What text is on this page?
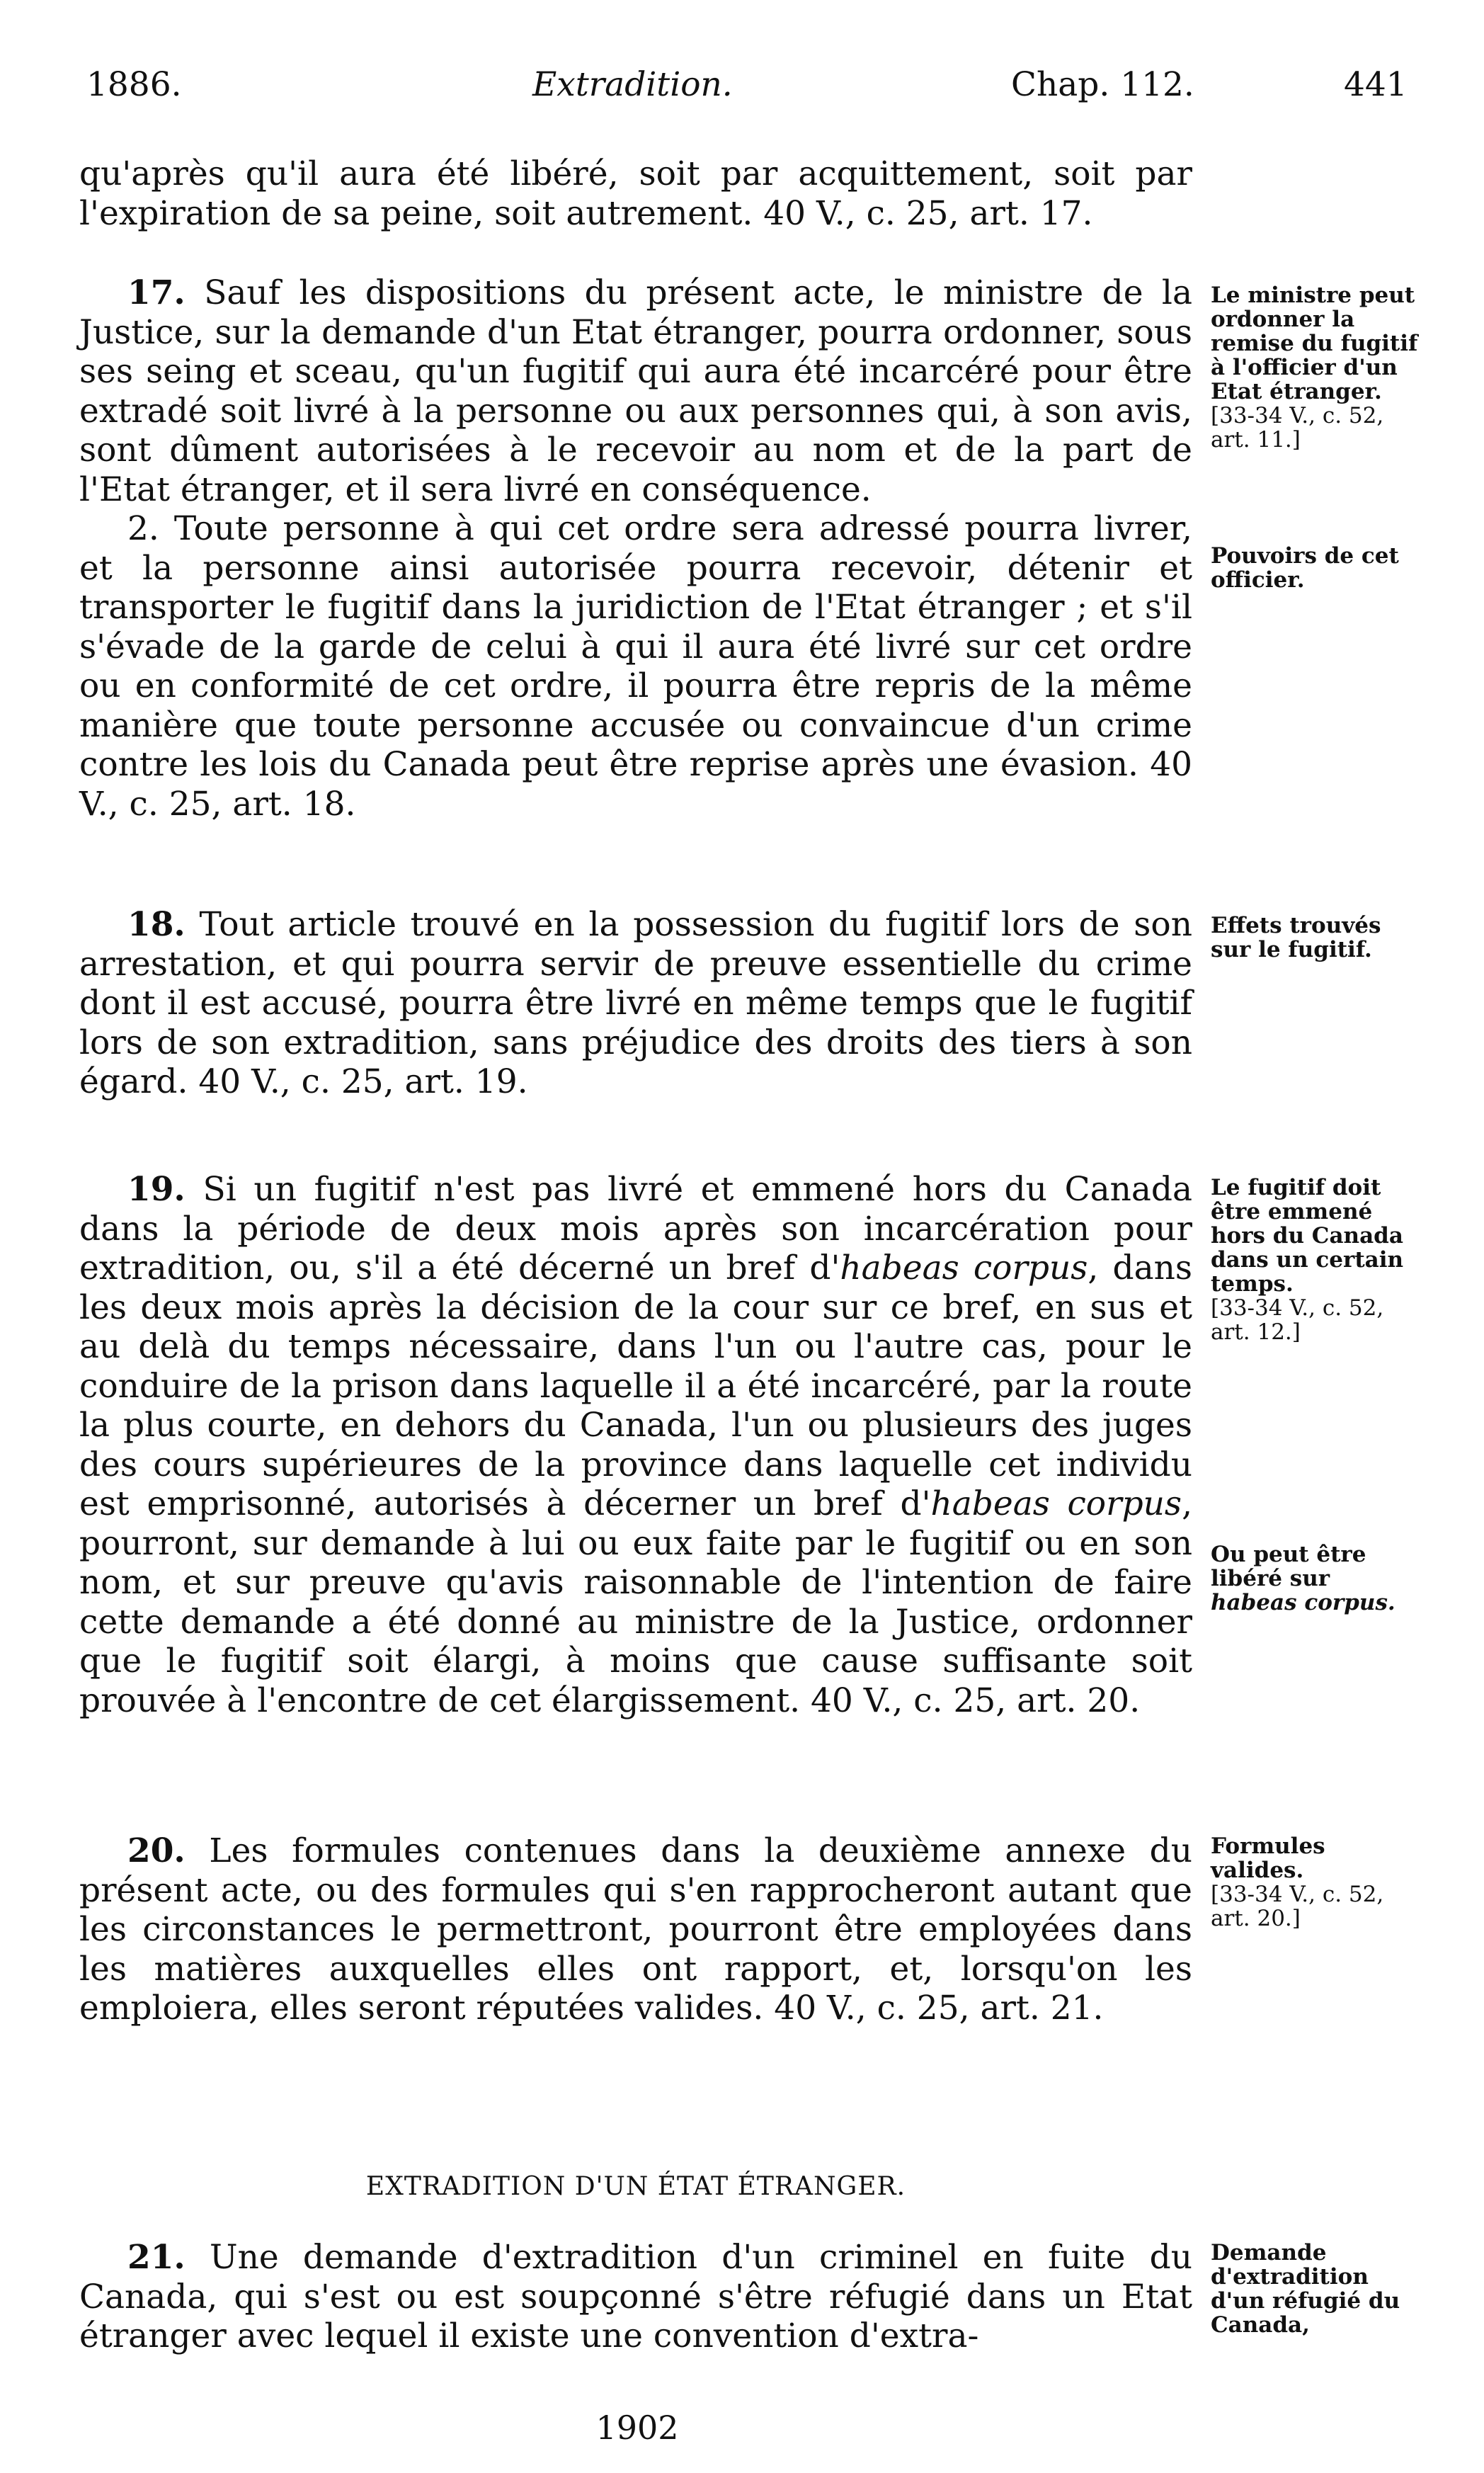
1886.	Extradition.	Chap. 112.	441

qu'après qu'il aura été libéré, soit par acquittement, soit par l'expiration de sa peine, soit autrement. 40 V., c. 25, art. 17.

17. Sauf les dispositions du présent acte, le ministre de la Justice, sur la demande d'un Etat étranger, pourra ordonner, sous ses seing et sceau, qu'un fugitif qui aura été incarcéré pour être extradé soit livré à la personne ou aux personnes qui, à son avis, sont dûment autorisées à le recevoir au nom et de la part de l'Etat étranger, et il sera livré en conséquence.

2. Toute personne à qui cet ordre sera adressé pourra livrer, et la personne ainsi autorisée pourra recevoir, détenir et transporter le fugitif dans la juridiction de l'Etat étranger ; et s'il s'évade de la garde de celui à qui il aura été livré sur cet ordre ou en conformité de cet ordre, il pourra être repris de la même manière que toute personne accusée ou convaincue d'un crime contre les lois du Canada peut être reprise après une évasion. 40 V., c. 25, art. 18.

Le ministre peut ordonner la remise du fugitif à l'officier d'un Etat étranger.
[33-34 V., c. 52, art. 11.]
Pouvoirs de cet officier.

18. Tout article trouvé en la possession du fugitif lors de son arrestation, et qui pourra servir de preuve essentielle du crime dont il est accusé, pourra être livré en même temps que le fugitif lors de son extradition, sans préjudice des droits des tiers à son égard. 40 V., c. 25, art. 19.

Effets trouvés sur le fugitif.

19. Si un fugitif n'est pas livré et emmené hors du Canada dans la période de deux mois après son incarcération pour extradition, ou, s'il a été décerné un bref d'habeas corpus, dans les deux mois après la décision de la cour sur ce bref, en sus et au delà du temps nécessaire, dans l'un ou l'autre cas, pour le conduire de la prison dans laquelle il a été incarcéré, par la route la plus courte, en dehors du Canada, l'un ou plusieurs des juges des cours supérieures de la province dans laquelle cet individu est emprisonné, autorisés à décerner un bref d'habeas corpus, pourront, sur demande à lui ou eux faite par le fugitif ou en son nom, et sur preuve qu'avis raisonnable de l'intention de faire cette demande a été donné au ministre de la Justice, ordonner que le fugitif soit élargi, à moins que cause suffisante soit prouvée à l'encontre de cet élargissement. 40 V., c. 25, art. 20.

Le fugitif doit être emmené hors du Canada dans un certain temps.
[33-34 V., c. 52, art. 12.]
Ou peut être libéré sur habeas corpus.

20. Les formules contenues dans la deuxième annexe du présent acte, ou des formules qui s'en rapprocheront autant que les circonstances le permettront, pourront être employées dans les matières auxquelles elles ont rapport, et, lorsqu'on les emploiera, elles seront réputées valides. 40 V., c. 25, art. 21.

Formules valides.
[33-34 V., c. 52, art. 20.]
EXTRADITION D'UN ÉTAT ÉTRANGER.

21. Une demande d'extradition d'un criminel en fuite du Canada, qui s'est ou est soupçonné s'être réfugié dans un Etat étranger avec lequel il existe une convention d'extra-

Demande d'extradition d'un réfugié du Canada,
1902
